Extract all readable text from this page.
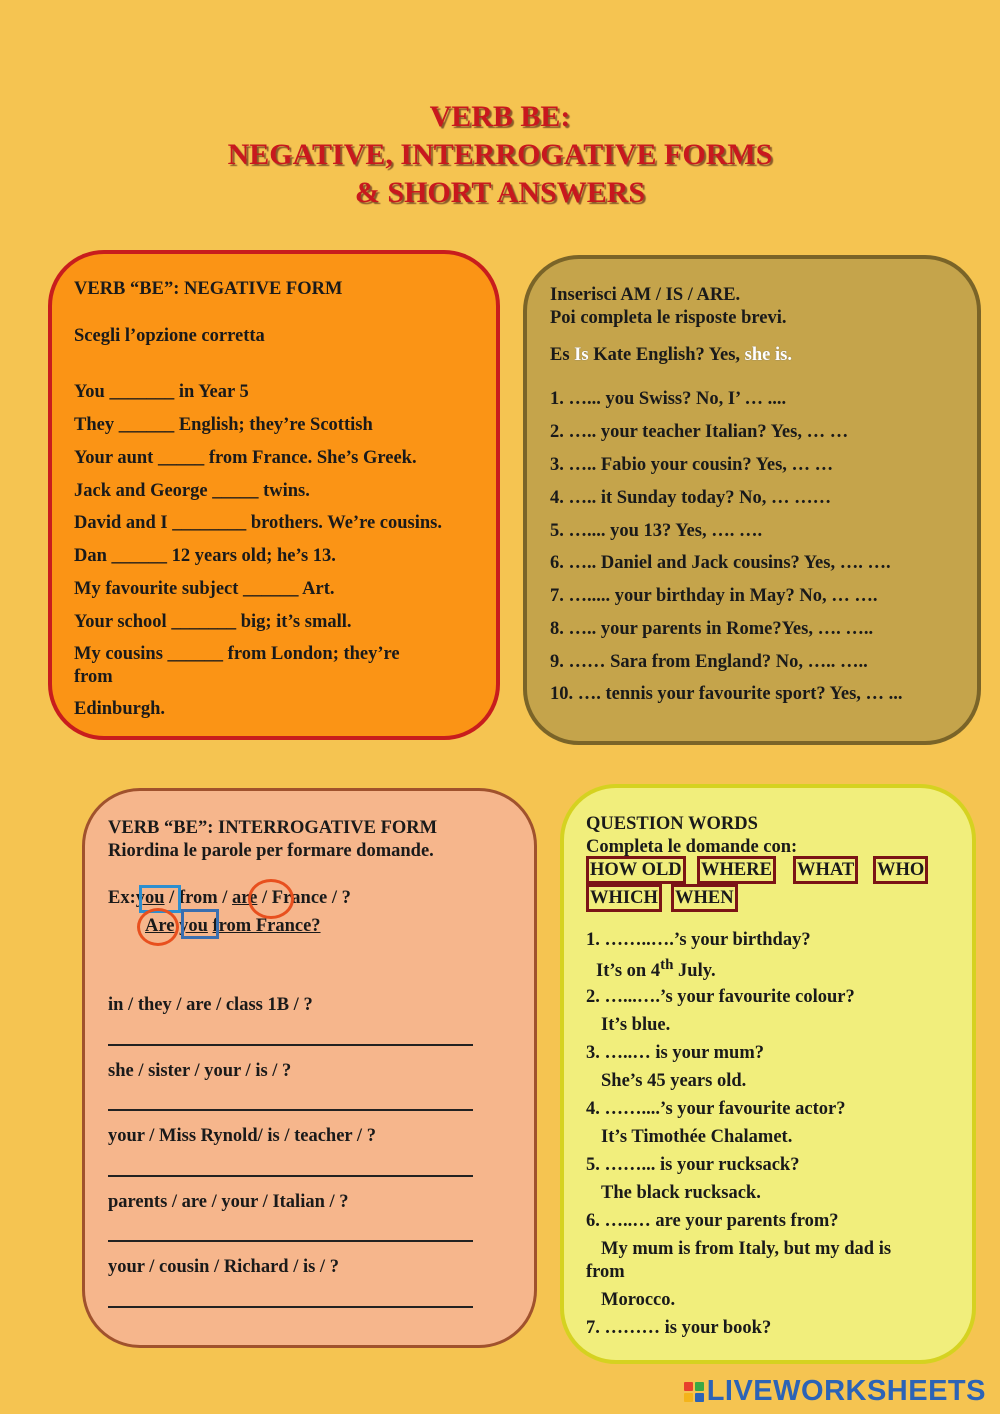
VERB BE:
NEGATIVE, INTERROGATIVE FORMS
& SHORT ANSWERS
VERB “BE”: NEGATIVE FORM
Scegli l’opzione corretta
You _______ in Year 5
They ______ English; they’re Scottish
Your aunt _____ from France. She’s Greek.
Jack and George _____ twins.
David and I ________ brothers. We’re cousins.
Dan ______ 12 years old; he’s 13.
My favourite subject ______ Art.
Your school _______ big; it’s small.
My cousins ______ from London; they’re
from
Edinburgh.
Inserisci AM / IS / ARE.
Poi completa le risposte brevi.
Es Is Kate English? Yes, she is.
1. …... you Swiss? No, I’ … ....
2. ….. your teacher Italian? Yes, … …
3. ….. Fabio your cousin? Yes, … …
4. ….. it Sunday today? No, … ……
5. ….... you 13? Yes, …. ….
6. ….. Daniel and Jack cousins? Yes, …. ….
7. …..... your birthday in May? No, … ….
8. ….. your parents in Rome?Yes, …. …..
9. …… Sara from England? No, ….. …..
10. …. tennis your favourite sport? Yes, … ...
VERB “BE”: INTERROGATIVE FORM
Riordina le parole per formare domande.
Ex:you / from / are / France / ?
Are you from France?
in / they / are / class 1B / ?
she / sister / your / is / ?
your / Miss Rynold/ is / teacher / ?
parents / are / your / Italian / ?
your / cousin / Richard / is / ?
QUESTION WORDS
Completa le domande con:
HOW OLD WHERE WHAT WHO
WHICH WHEN
1. ……..….’s your birthday?
It’s on 4th July.
2. …...….’s your favourite colour?
It’s blue.
3. …..… is your mum?
She’s 45 years old.
4. ……....’s your favourite actor?
It’s Timothée Chalamet.
5. ……... is your rucksack?
The black rucksack.
6. …..… are your parents from?
My mum is from Italy, but my dad is
from
Morocco.
7. ……… is your book?
LIVEWORKSHEETS
